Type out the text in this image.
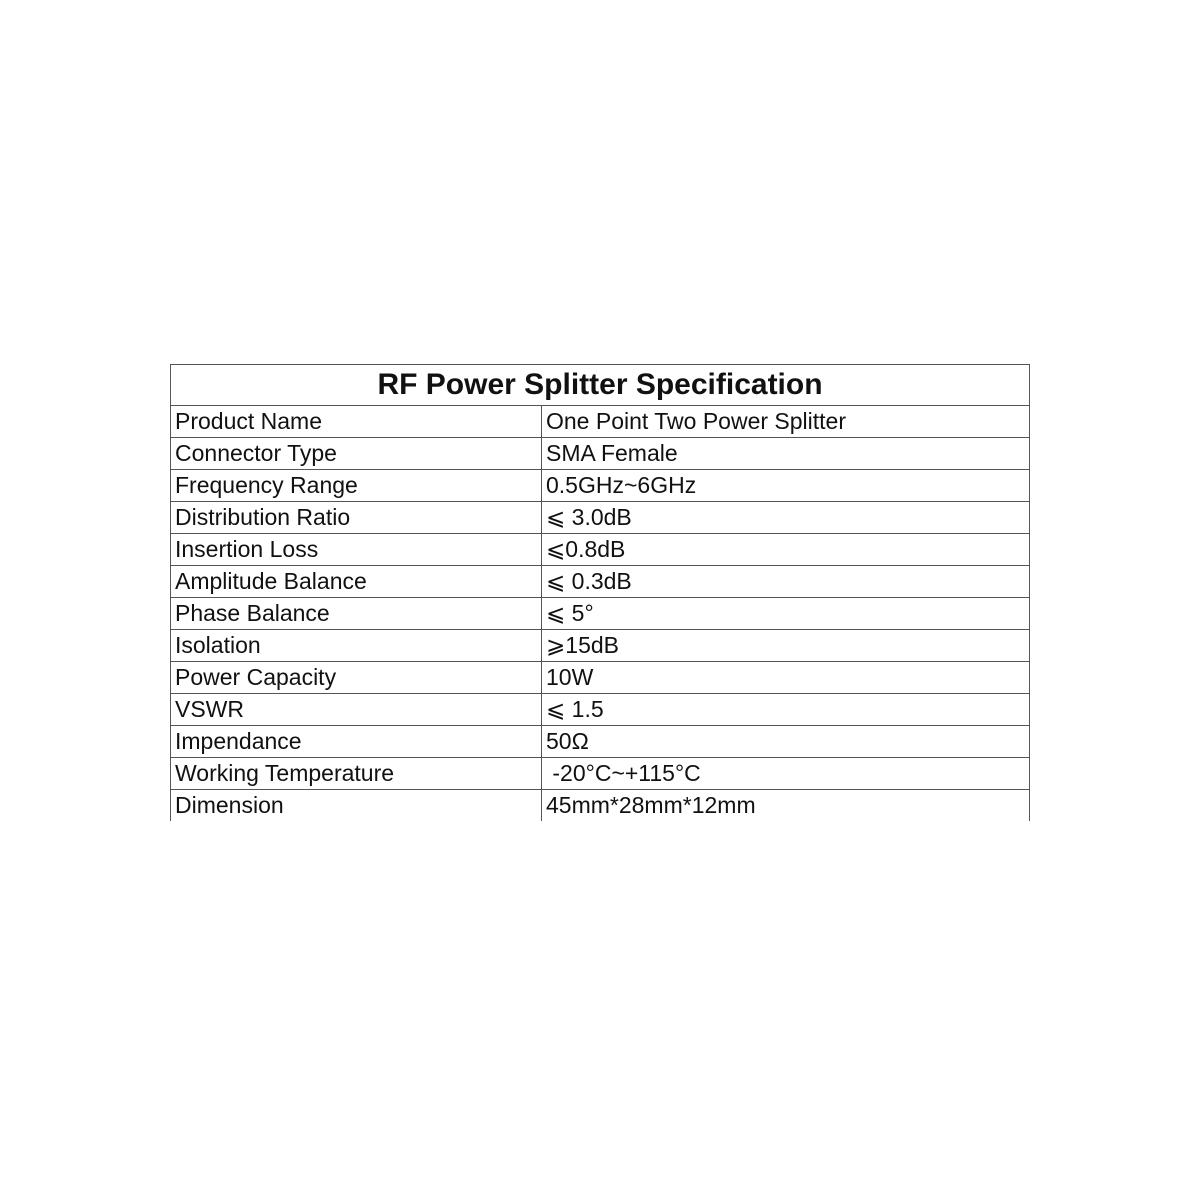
RF Power Splitter Specification	
Product Name	One Point Two Power Splitter
Connector Type	SMA Female
Frequency Range	0.5GHz~6GHz
Distribution Ratio	⩽ 3.0dB
Insertion Loss	⩽0.8dB
Amplitude Balance	⩽ 0.3dB
Phase Balance	⩽ 5°
Isolation	⩾15dB
Power Capacity	10W
VSWR	⩽ 1.5
Impendance	50Ω
Working Temperature	-20°C~+115°C
Dimension	45mm*28mm*12mm
